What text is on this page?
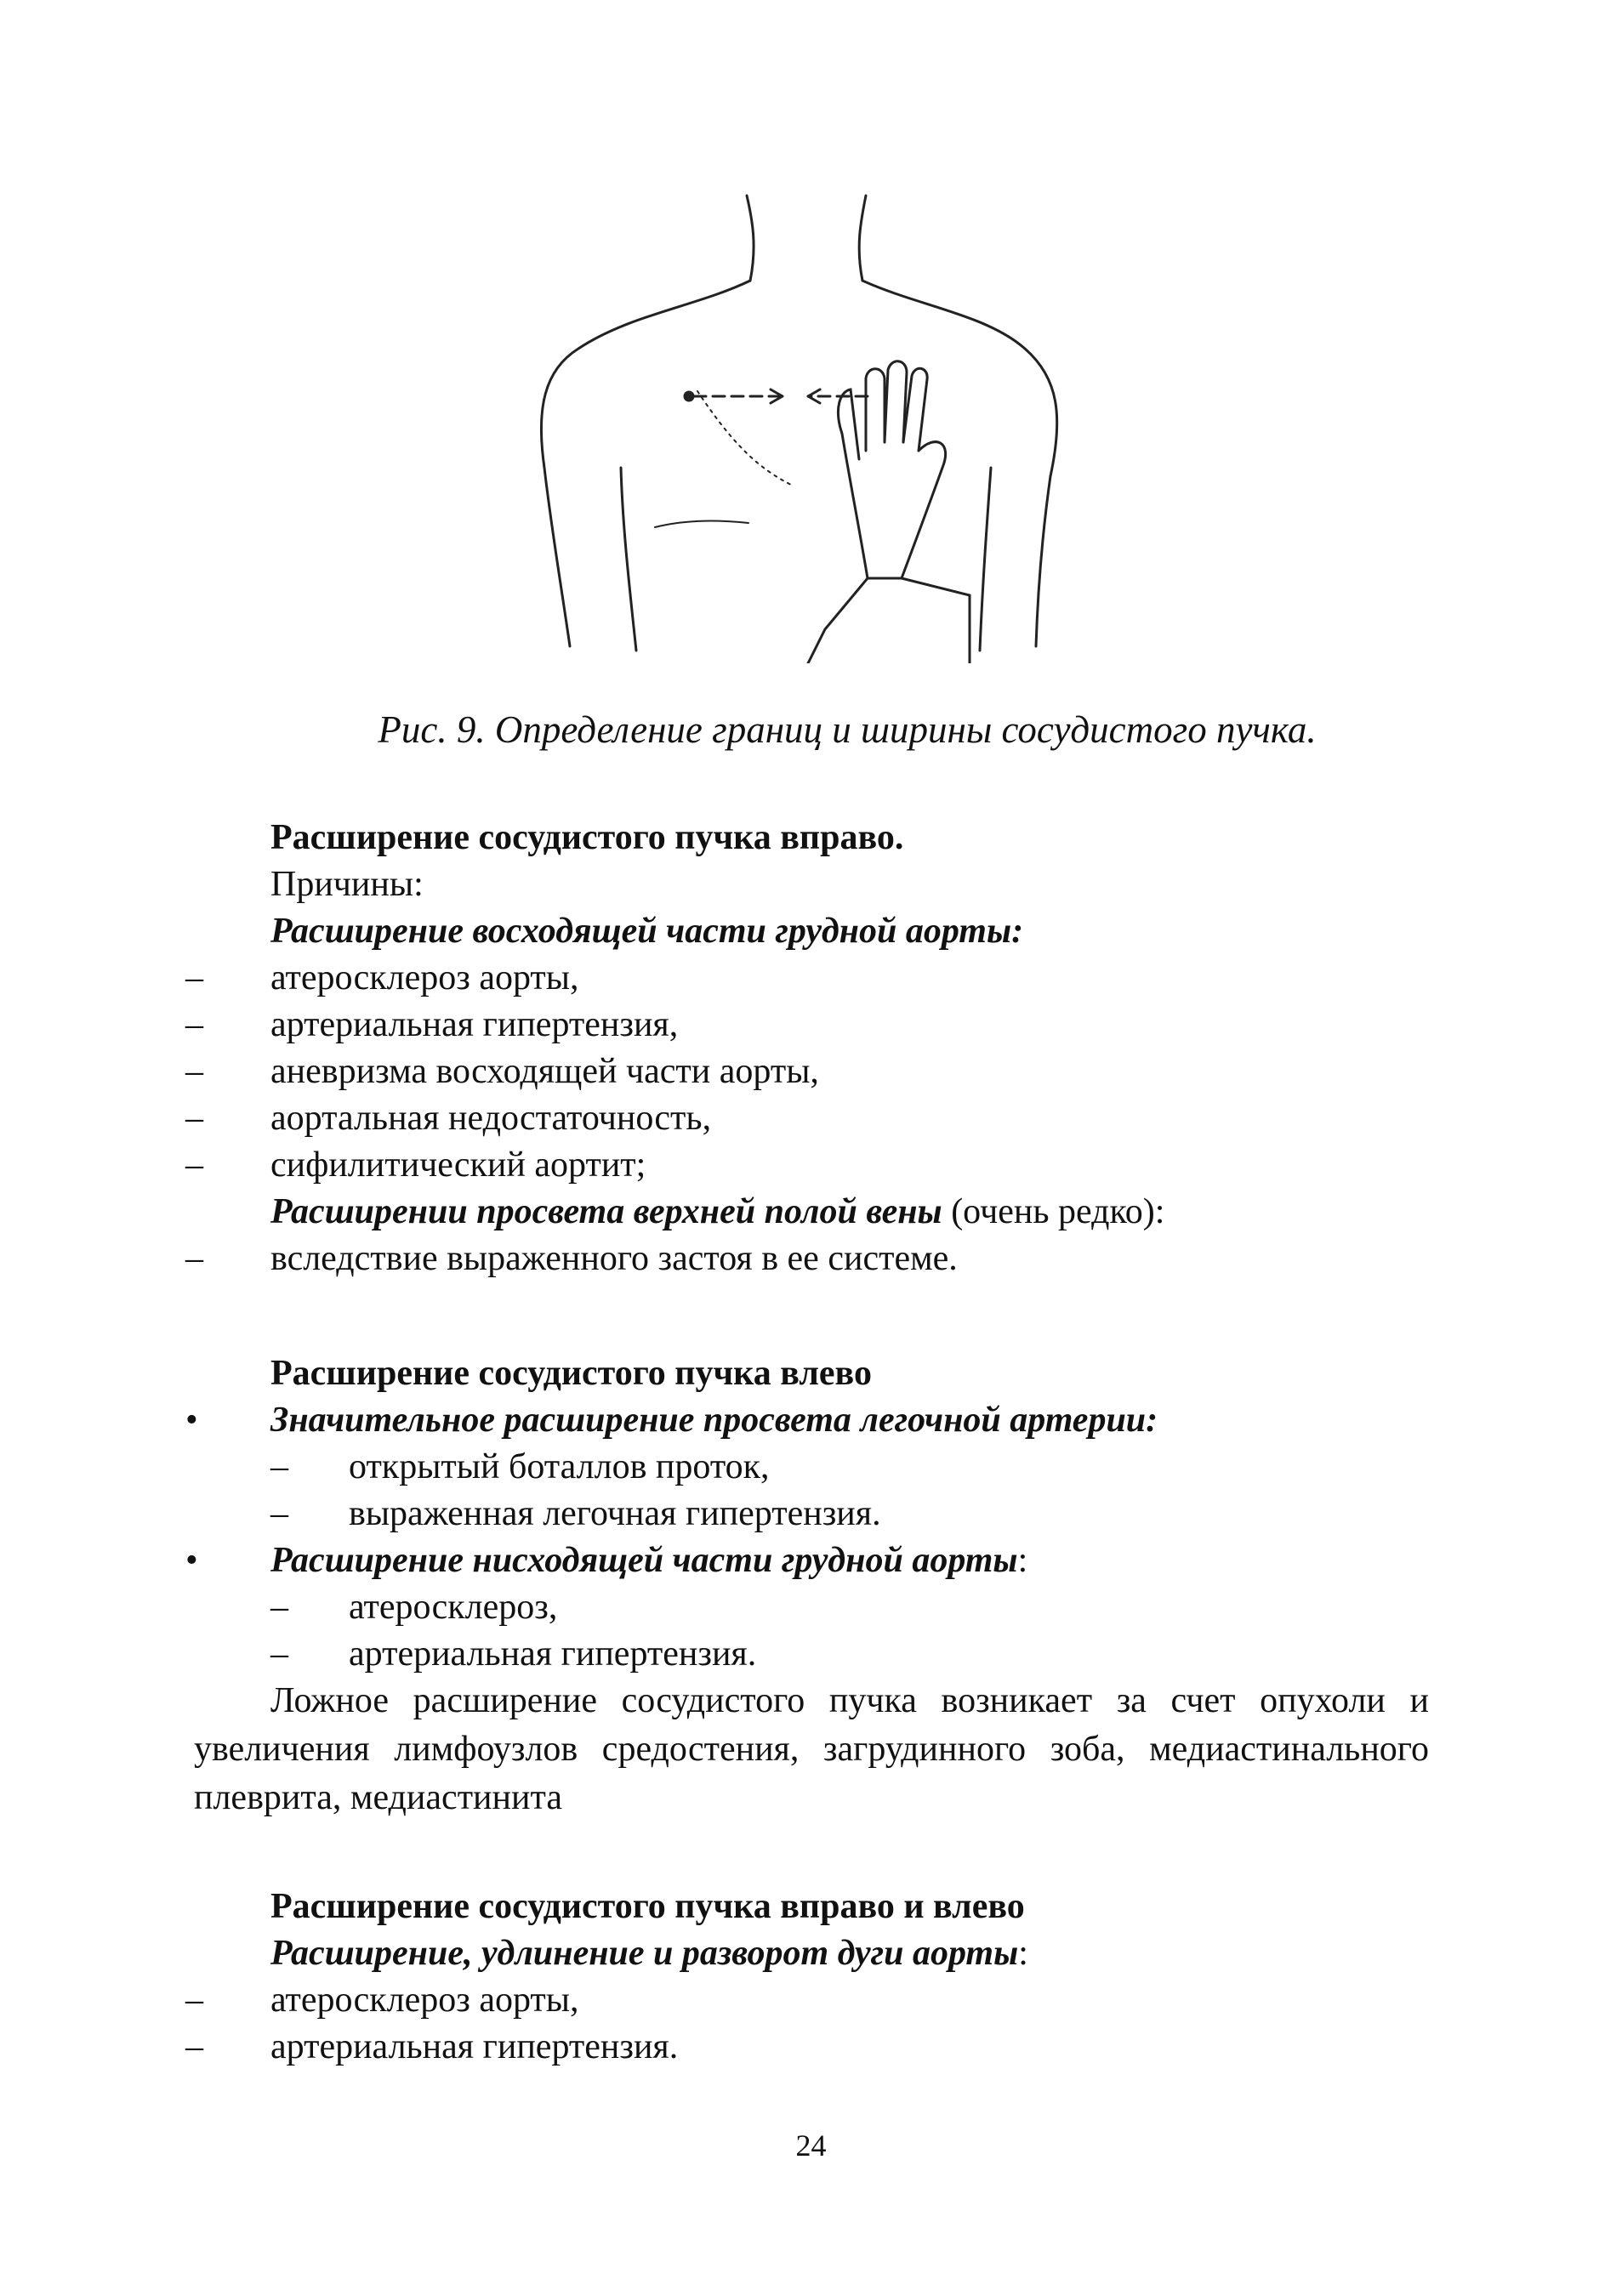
Рис. 9. Определение границ и ширины сосудистого пучка.
Расширение сосудистого пучка вправо.
Причины:
Расширение восходящей части грудной аорты:
– атеросклероз аорты,
– артериальная гипертензия,
– аневризма восходящей части аорты,
– аортальная недостаточность,
– сифилитический аортит;
Расширении просвета верхней полой вены (очень редко):
– вследствие выраженного застоя в ее системе.
Расширение сосудистого пучка влево
• Значительное расширение просвета легочной артерии:
– открытый боталлов проток,
– выраженная легочная гипертензия.
• Расширение нисходящей части грудной аорты:
– атеросклероз,
– артериальная гипертензия.
Ложное расширение сосудистого пучка возникает за счет опухоли и увеличения лимфоузлов средостения, загрудинного зоба, медиастинального плеврита, медиастинита
Расширение сосудистого пучка вправо и влево
Расширение, удлинение и разворот дуги аорты:
– атеросклероз аорты,
– артериальная гипертензия.
24
